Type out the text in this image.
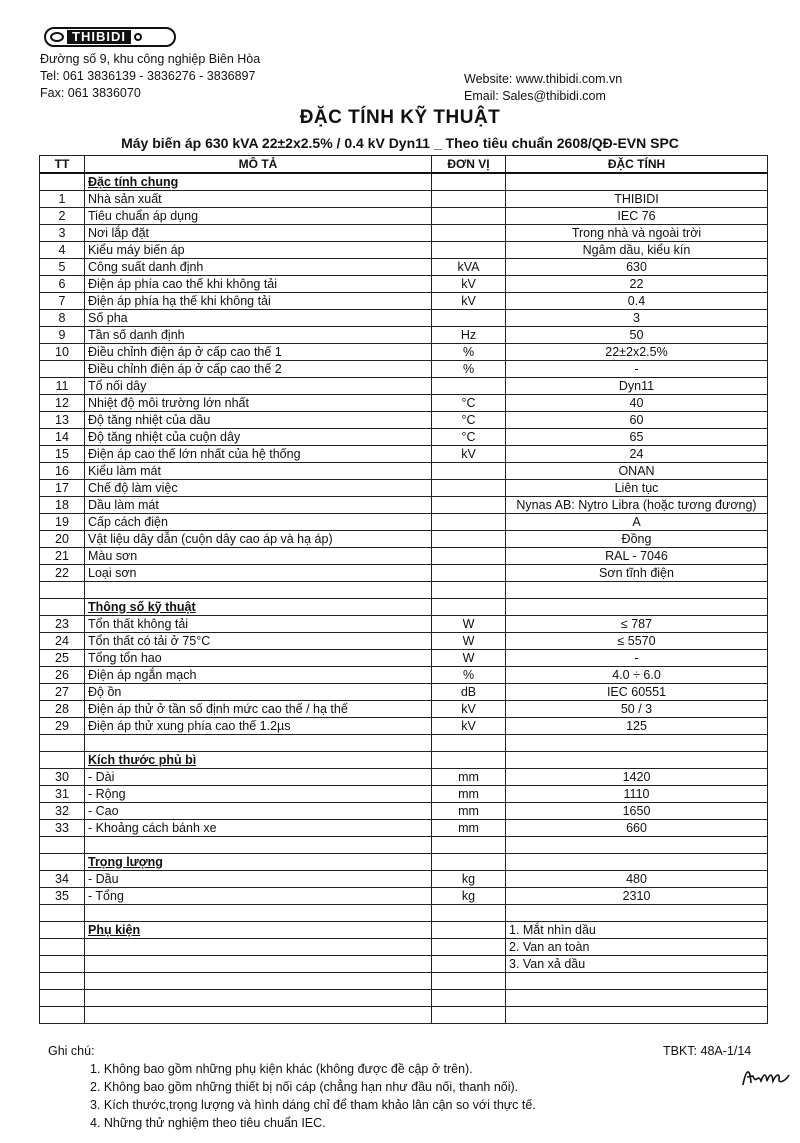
THIBIDI
Đường số 9, khu công nghiệp Biên Hòa
Tel: 061 3836139 - 3836276 - 3836897
Fax: 061 3836070
Website: www.thibidi.com.vn
Email: Sales@thibidi.com
ĐẶC TÍNH KỸ THUẬT
Máy biến áp 630 kVA 22±2x2.5% / 0.4 kV Dyn11 _ Theo tiêu chuẩn 2608/QĐ-EVN SPC
TT	MÔ TẢ	ĐƠN VỊ	ĐẶC TÍNH
	Đặc tính chung		
1	Nhà sản xuất		THIBIDI
2	Tiêu chuẩn áp dụng		IEC 76
3	Nơi lắp đặt		Trong nhà và ngoài trời
4	Kiểu máy biến áp		Ngâm dầu, kiểu kín
5	Công suất danh định	kVA	630
6	Điện áp phía cao thế khi không tải	kV	22
7	Điện áp phía hạ thế khi không tải	kV	0.4
8	Số pha		3
9	Tần số danh định	Hz	50
10	Điều chỉnh điện áp ở cấp cao thế 1	%	22±2x2.5%
	Điều chỉnh điện áp ở cấp cao thế 2	%	-
11	Tổ nối dây		Dyn11
12	Nhiệt độ môi trường lớn nhất	°C	40
13	Độ tăng nhiệt của dầu	°C	60
14	Độ tăng nhiệt của cuộn dây	°C	65
15	Điện áp cao thế lớn nhất của hệ thống	kV	24
16	Kiểu làm mát		ONAN
17	Chế độ làm việc		Liên tục
18	Dầu làm mát		Nynas AB: Nytro Libra (hoặc tương đương)
19	Cấp cách điện		A
20	Vật liệu dây dẫn (cuộn dây cao áp và hạ áp)		Đồng
21	Màu sơn		RAL - 7046
22	Loại sơn		Sơn tĩnh điện

	Thông số kỹ thuật		
23	Tổn thất không tải	W	≤ 787
24	Tổn thất có tải ở 75°C	W	≤ 5570
25	Tổng tổn hao	W	-
26	Điện áp ngắn mạch	%	4.0 ÷ 6.0
27	Độ ồn	dB	IEC 60551
28	Điện áp thử ở tần số định mức cao thế / hạ thế	kV	50 / 3
29	Điện áp thử xung phía cao thế 1.2µs	kV	125

	Kích thước phủ bì		
30	- Dài	mm	1420
31	- Rộng	mm	1110
32	- Cao	mm	1650
33	- Khoảng cách bánh xe	mm	660

	Trọng lượng		
34	- Dầu	kg	480
35	- Tổng	kg	2310

	Phụ kiện		1. Mắt nhìn dầu
			2. Van an toàn
			3. Van xả dầu

Ghi chú:	TBKT: 48A-1/14
1. Không bao gồm những phụ kiện khác (không được đề cập ở trên).
2. Không bao gồm những thiết bị nối cáp (chẳng hạn như đầu nối, thanh nối).
3. Kích thước,trọng lượng và hình dáng chỉ để tham khảo lân cận so với thực tế.
4. Những thử nghiệm theo tiêu chuẩn IEC.
